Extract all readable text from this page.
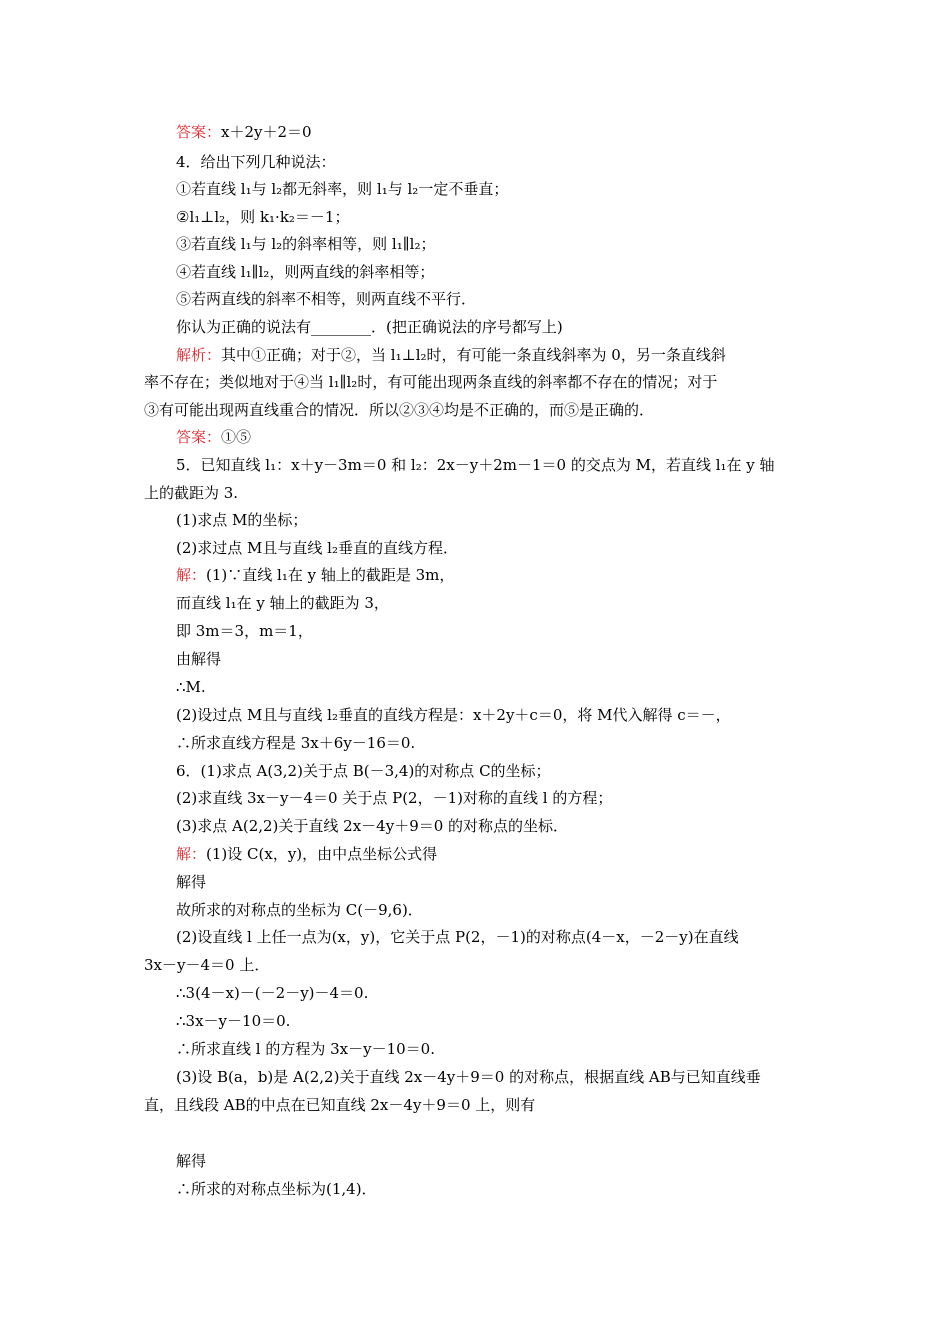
答案：x＋2y＋2＝0
4．给出下列几种说法：
①若直线 l₁与 l₂都无斜率，则 l₁与 l₂一定不垂直；
②l₁⊥l₂，则 k₁·k₂＝－1；
③若直线 l₁与 l₂的斜率相等，则 l₁∥l₂；
④若直线 l₁∥l₂，则两直线的斜率相等；
⑤若两直线的斜率不相等，则两直线不平行．
你认为正确的说法有________．(把正确说法的序号都写上)
解析：其中①正确；对于②，当 l₁⊥l₂时，有可能一条直线斜率为 0，另一条直线斜
率不存在；类似地对于④当 l₁∥l₂时，有可能出现两条直线的斜率都不存在的情况；对于
③有可能出现两直线重合的情况．所以②③④均是不正确的，而⑤是正确的．
答案：①⑤
5．已知直线 l₁：x＋y－3m＝0 和 l₂：2x－y＋2m－1＝0 的交点为 M，若直线 l₁在 y 轴
上的截距为 3.
(1)求点 M的坐标；
(2)求过点 M且与直线 l₂垂直的直线方程．
解：(1)∵直线 l₁在 y 轴上的截距是 3m，
而直线 l₁在 y 轴上的截距为 3，
即 3m＝3，m＝1，
由解得
∴M.
(2)设过点 M且与直线 l₂垂直的直线方程是：x＋2y＋c＝0，将 M代入解得 c＝－，
∴所求直线方程是 3x＋6y－16＝0.
6．(1)求点 A(3,2)关于点 B(－3,4)的对称点 C的坐标；
(2)求直线 3x－y－4＝0 关于点 P(2，－1)对称的直线 l 的方程；
(3)求点 A(2,2)关于直线 2x－4y＋9＝0 的对称点的坐标．
解：(1)设 C(x，y)，由中点坐标公式得
解得
故所求的对称点的坐标为 C(－9,6)．
(2)设直线 l 上任一点为(x，y)，它关于点 P(2，－1)的对称点(4－x，－2－y)在直线
3x－y－4＝0 上．
∴3(4－x)－(－2－y)－4＝0.
∴3x－y－10＝0.
∴所求直线 l 的方程为 3x－y－10＝0.
(3)设 B(a，b)是 A(2,2)关于直线 2x－4y＋9＝0 的对称点，根据直线 AB与已知直线垂
直，且线段 AB的中点在已知直线 2x－4y＋9＝0 上，则有
解得
∴所求的对称点坐标为(1,4)．
